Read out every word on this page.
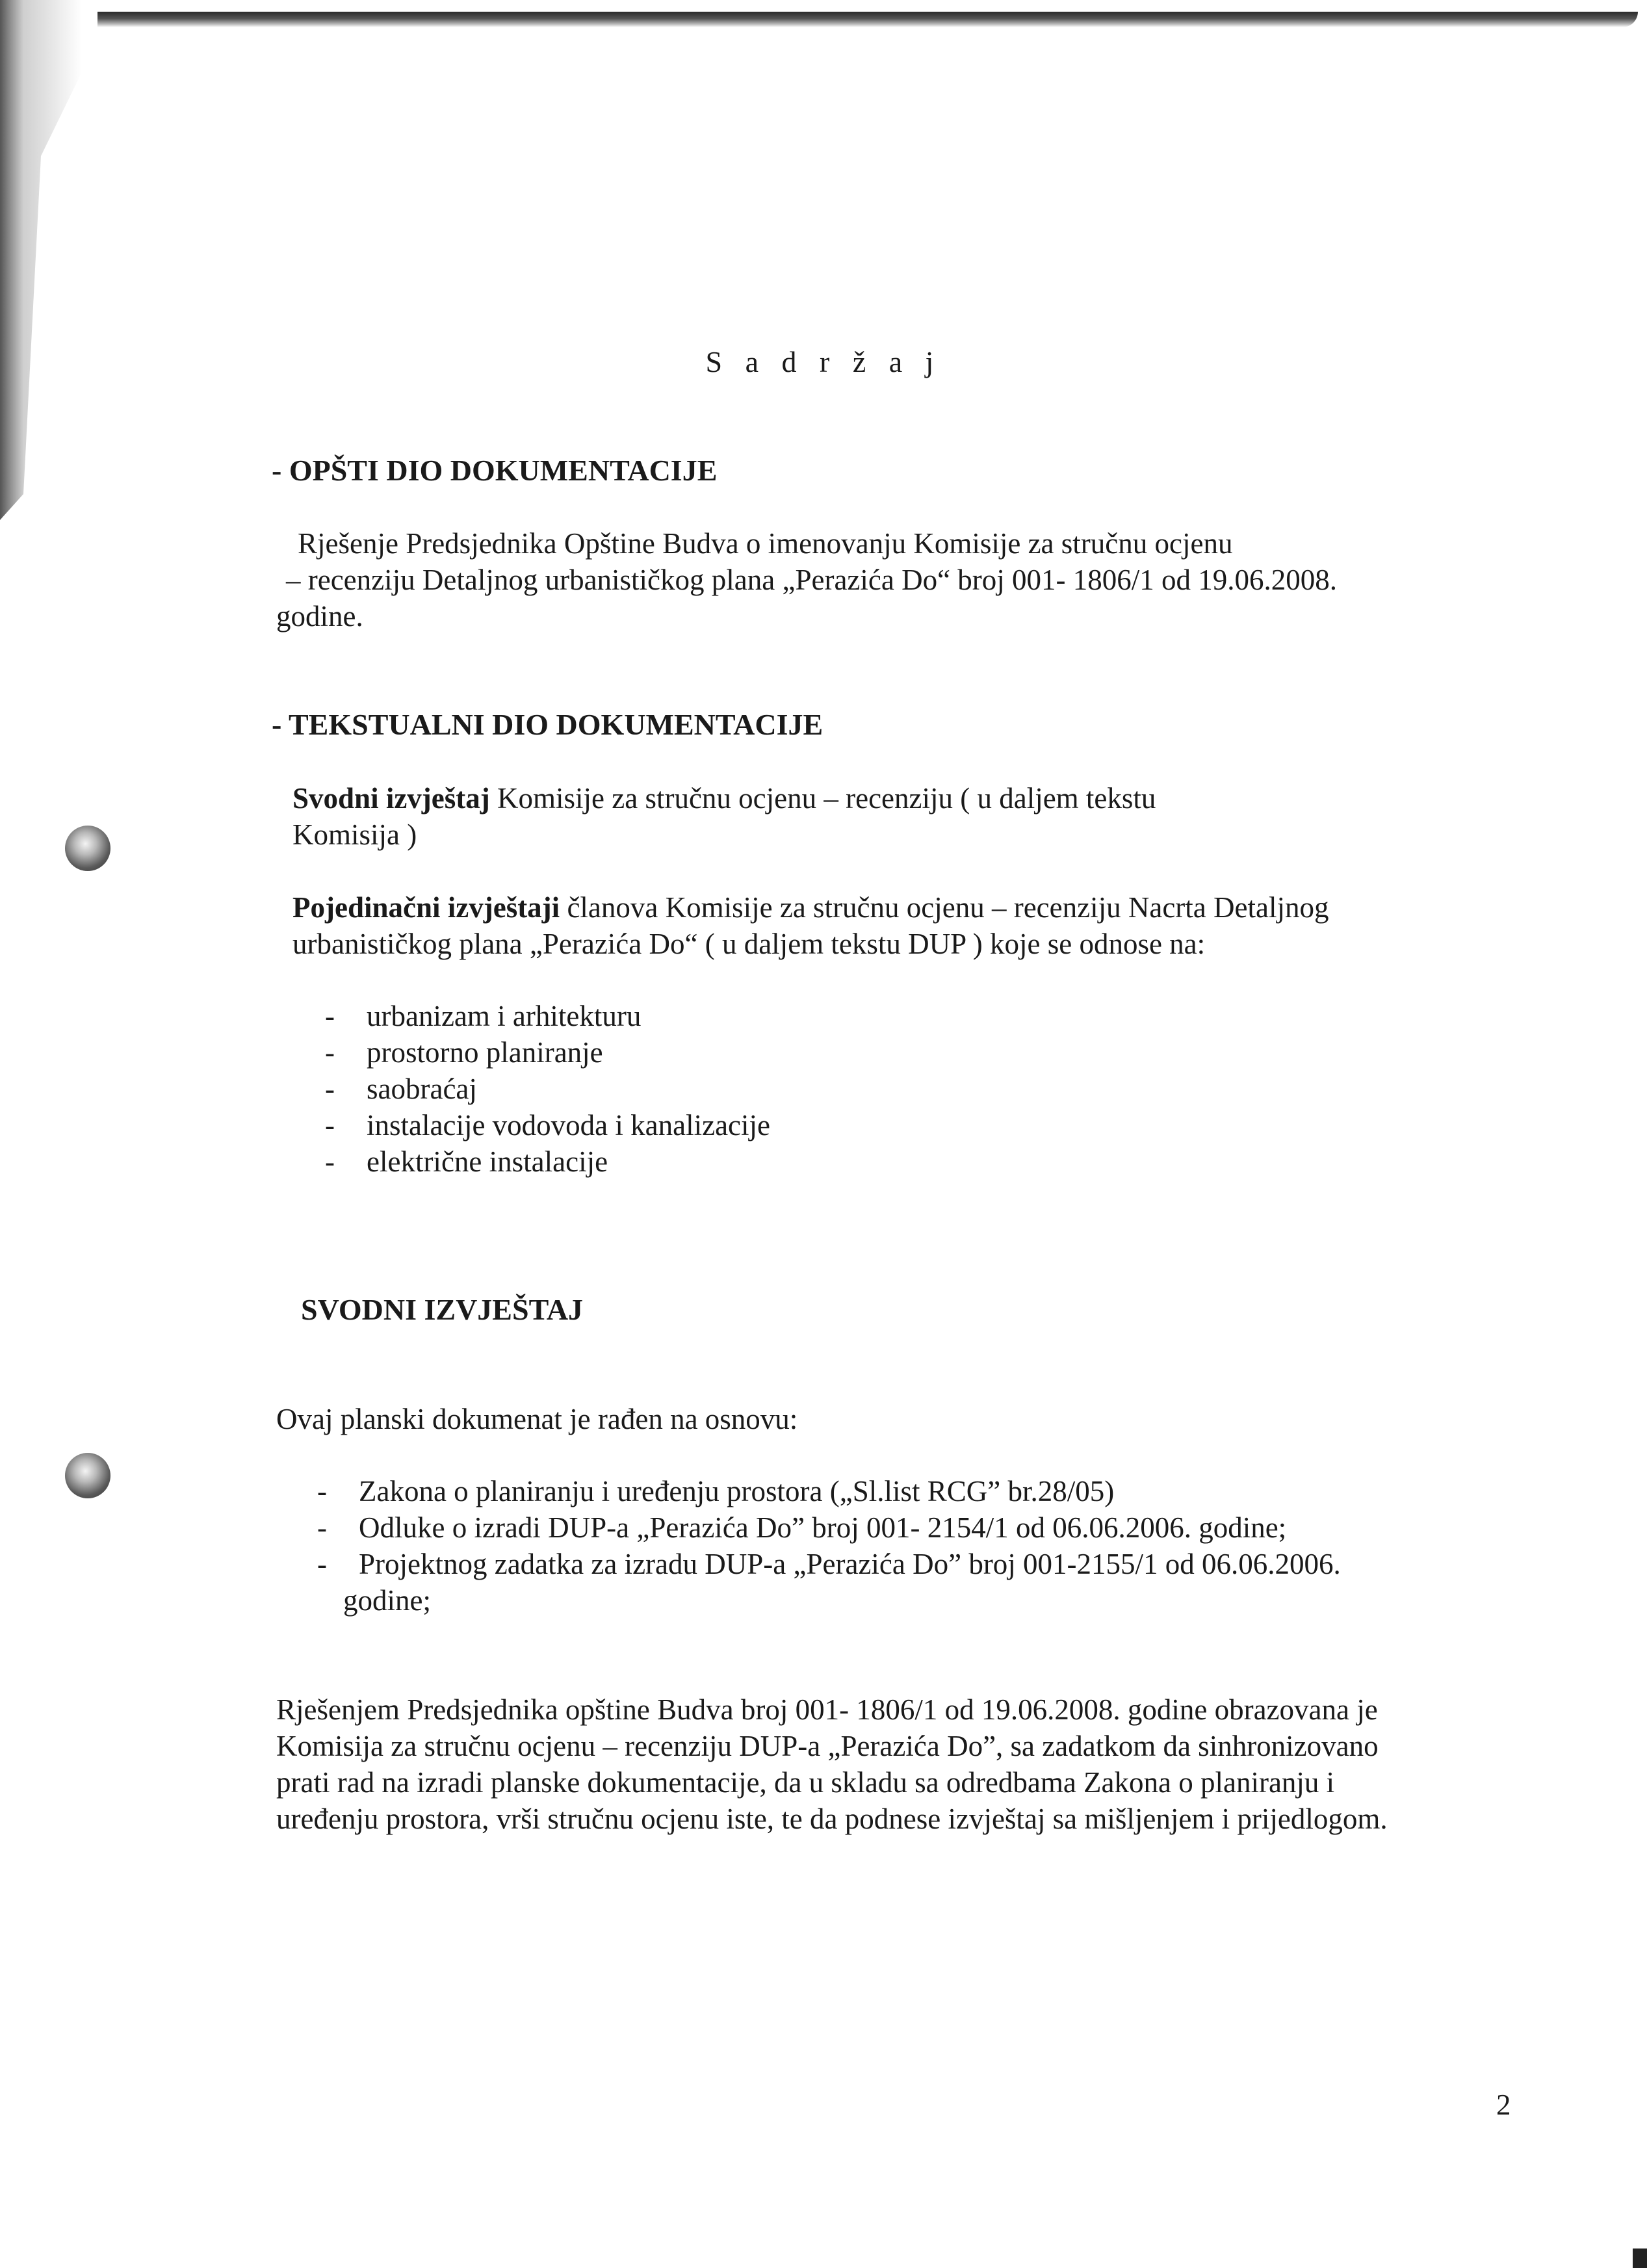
S a d r ž a j
- OPŠTI DIO DOKUMENTACIJE
Rješenje Predsjednika Opštine Budva o imenovanju Komisije za stručnu ocjenu
– recenziju Detaljnog urbanističkog plana „Perazića Do“ broj 001- 1806/1 od 19.06.2008.
godine.
- TEKSTUALNI DIO DOKUMENTACIJE
Svodni izvještaj Komisije za stručnu ocjenu – recenziju ( u daljem tekstu
Komisija )
Pojedinačni izvještaji članova Komisije za stručnu ocjenu – recenziju Nacrta Detaljnog
urbanističkog plana „Perazića Do“ ( u daljem tekstu DUP ) koje se odnose na:
- urbanizam i arhitekturu
- prostorno planiranje
- saobraćaj
- instalacije vodovoda i kanalizacije
- električne instalacije
SVODNI IZVJEŠTAJ
Ovaj planski dokumenat je rađen na osnovu:
- Zakona o planiranju i uređenju prostora („Sl.list RCG” br.28/05)
- Odluke o izradi DUP-a „Perazića Do” broj 001- 2154/1 od 06.06.2006. godine;
- Projektnog zadatka za izradu DUP-a „Perazića Do” broj 001-2155/1 od 06.06.2006.
godine;
Rješenjem Predsjednika opštine Budva broj 001- 1806/1 od 19.06.2008. godine obrazovana je
Komisija za stručnu ocjenu – recenziju DUP-a „Perazića Do”, sa zadatkom da sinhronizovano
prati rad na izradi planske dokumentacije, da u skladu sa odredbama Zakona o planiranju i
uređenju prostora, vrši stručnu ocjenu iste, te da podnese izvještaj sa mišljenjem i prijedlogom.
2
